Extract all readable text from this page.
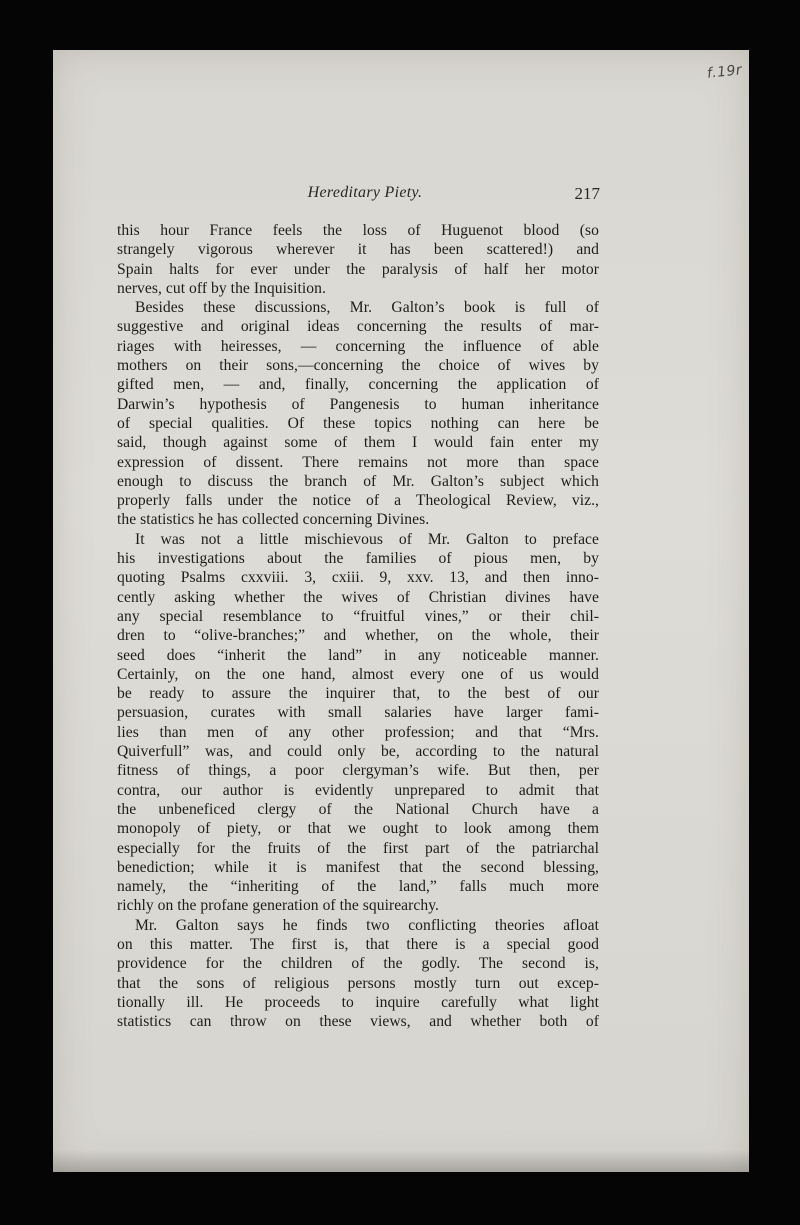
f.19r
Hereditary Piety.	217
this hour France feels the loss of Huguenot blood (so
strangely vigorous wherever it has been scattered!) and
Spain halts for ever under the paralysis of half her motor
nerves, cut off by the Inquisition.
Besides these discussions, Mr. Galton’s book is full of
suggestive and original ideas concerning the results of mar-
riages with heiresses, — concerning the influence of able
mothers on their sons,—concerning the choice of wives by
gifted men, — and, finally, concerning the application of
Darwin’s hypothesis of Pangenesis to human inheritance
of special qualities. Of these topics nothing can here be
said, though against some of them I would fain enter my
expression of dissent. There remains not more than space
enough to discuss the branch of Mr. Galton’s subject which
properly falls under the notice of a Theological Review, viz.,
the statistics he has collected concerning Divines.
It was not a little mischievous of Mr. Galton to preface
his investigations about the families of pious men, by
quoting Psalms cxxviii. 3, cxiii. 9, xxv. 13, and then inno-
cently asking whether the wives of Christian divines have
any special resemblance to “fruitful vines,” or their chil-
dren to “olive-branches;” and whether, on the whole, their
seed does “inherit the land” in any noticeable manner.
Certainly, on the one hand, almost every one of us would
be ready to assure the inquirer that, to the best of our
persuasion, curates with small salaries have larger fami-
lies than men of any other profession; and that “Mrs.
Quiverfull” was, and could only be, according to the natural
fitness of things, a poor clergyman’s wife. But then, per
contra, our author is evidently unprepared to admit that
the unbeneficed clergy of the National Church have a
monopoly of piety, or that we ought to look among them
especially for the fruits of the first part of the patriarchal
benediction; while it is manifest that the second blessing,
namely, the “inheriting of the land,” falls much more
richly on the profane generation of the squirearchy.
Mr. Galton says he finds two conflicting theories afloat
on this matter. The first is, that there is a special good
providence for the children of the godly. The second is,
that the sons of religious persons mostly turn out excep-
tionally ill. He proceeds to inquire carefully what light
statistics can throw on these views, and whether both of
